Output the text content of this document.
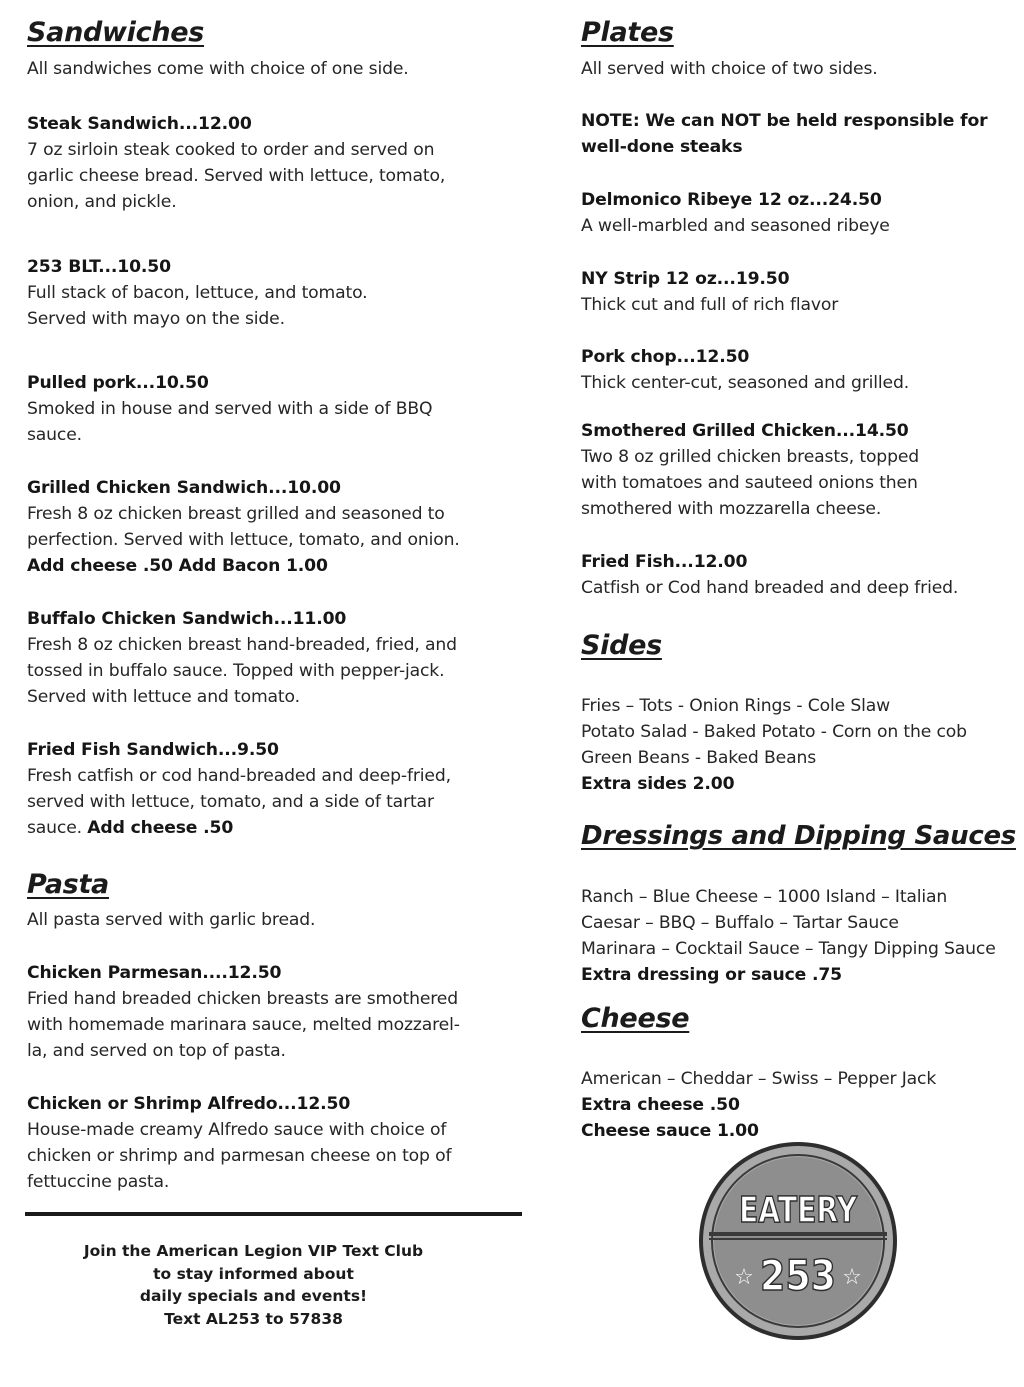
Sandwiches

All sandwiches come with choice of one side.

Steak Sandwich...12.00

7 oz sirloin steak cooked to order and served on

garlic cheese bread. Served with lettuce, tomato,

onion, and pickle.

253 BLT...10.50

Full stack of bacon, lettuce, and tomato.

Served with mayo on the side.

Pulled pork...10.50

Smoked in house and served with a side of BBQ

sauce.

Grilled Chicken Sandwich...10.00

Fresh 8 oz chicken breast grilled and seasoned to

perfection. Served with lettuce, tomato, and onion.

Add cheese .50 Add Bacon 1.00

Buffalo Chicken Sandwich...11.00

Fresh 8 oz chicken breast hand-breaded, fried, and

tossed in buffalo sauce. Topped with pepper-jack.

Served with lettuce and tomato.

Fried Fish Sandwich...9.50

Fresh catfish or cod hand-breaded and deep-fried,

served with lettuce, tomato, and a side of tartar

sauce. Add cheese .50

Pasta

All pasta served with garlic bread.

Chicken Parmesan....12.50

Fried hand breaded chicken breasts are smothered

with homemade marinara sauce, melted mozzarel-

la, and served on top of pasta.

Chicken or Shrimp Alfredo...12.50

House-made creamy Alfredo sauce with choice of

chicken or shrimp and parmesan cheese on top of

fettuccine pasta.

Join the American Legion VIP Text Club
to stay informed about
daily specials and events!
Text AL253 to 57838
Plates

All served with choice of two sides.

NOTE: We can NOT be held responsible for

well-done steaks

Delmonico Ribeye 12 oz...24.50

A well-marbled and seasoned ribeye

NY Strip 12 oz...19.50

Thick cut and full of rich flavor

Pork chop...12.50

Thick center-cut, seasoned and grilled.

Smothered Grilled Chicken...14.50

Two 8 oz grilled chicken breasts, topped

with tomatoes and sauteed onions then

smothered with mozzarella cheese.

Fried Fish...12.00

Catfish or Cod hand breaded and deep fried.

Sides

Fries – Tots - Onion Rings - Cole Slaw

Potato Salad - Baked Potato - Corn on the cob

Green Beans - Baked Beans

Extra sides 2.00

Dressings and Dipping Sauces

Ranch – Blue Cheese – 1000 Island – Italian

Caesar – BBQ – Buffalo – Tartar Sauce

Marinara – Cocktail Sauce – Tangy Dipping Sauce

Extra dressing or sauce .75

Cheese

American – Cheddar – Swiss – Pepper Jack

Extra cheese .50

Cheese sauce 1.00

EATERY
253
☆	☆
